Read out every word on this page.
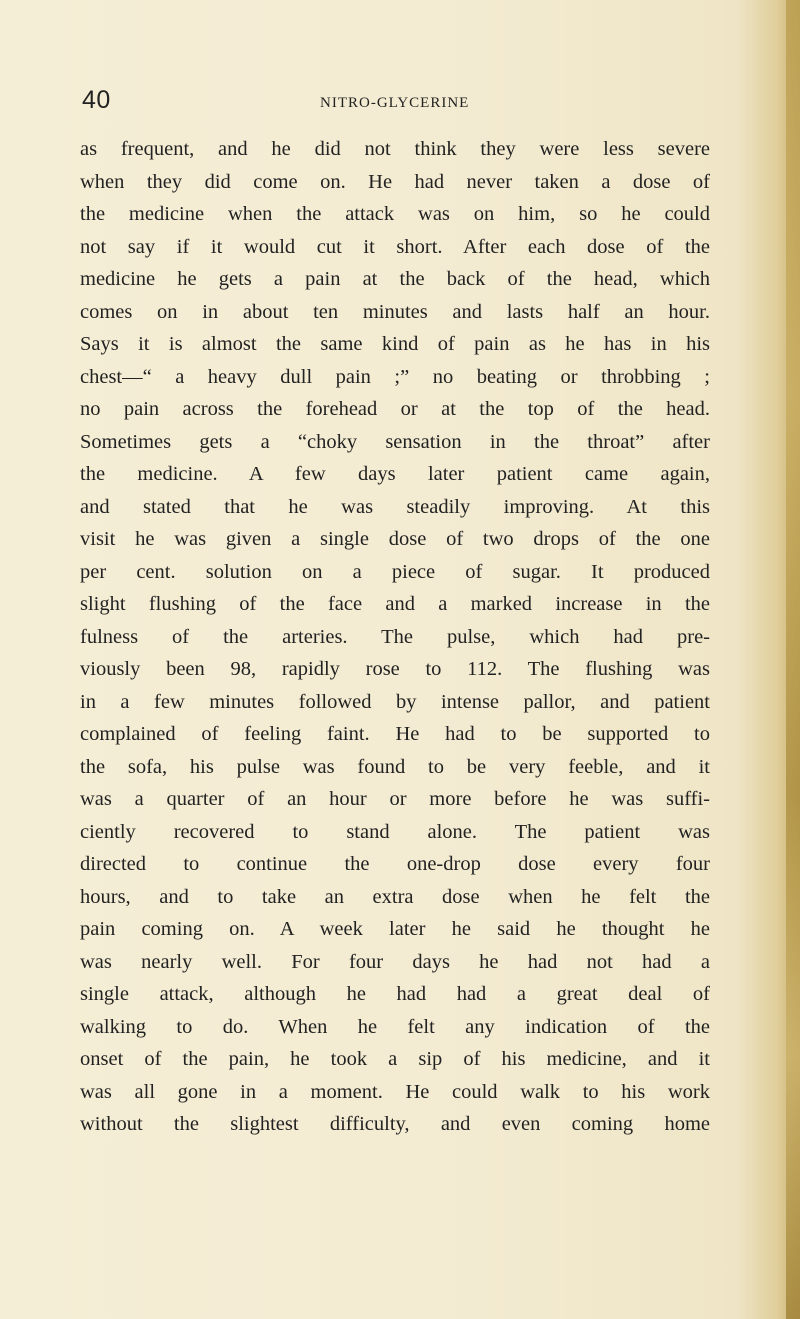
40	NITRO-GLYCERINE
as frequent, and he did not think they were less severe
when they did come on. He had never taken a dose of
the medicine when the attack was on him, so he could
not say if it would cut it short. After each dose of the
medicine he gets a pain at the back of the head, which
comes on in about ten minutes and lasts half an hour.
Says it is almost the same kind of pain as he has in his
chest—“ a heavy dull pain ;” no beating or throbbing ;
no pain across the forehead or at the top of the head.
Sometimes gets a “choky sensation in the throat” after
the medicine. A few days later patient came again,
and stated that he was steadily improving. At this
visit he was given a single dose of two drops of the one
per cent. solution on a piece of sugar. It produced
slight flushing of the face and a marked increase in the
fulness of the arteries. The pulse, which had pre-
viously been 98, rapidly rose to 112. The flushing was
in a few minutes followed by intense pallor, and patient
complained of feeling faint. He had to be supported to
the sofa, his pulse was found to be very feeble, and it
was a quarter of an hour or more before he was suffi-
ciently recovered to stand alone. The patient was
directed to continue the one-drop dose every four
hours, and to take an extra dose when he felt the
pain coming on. A week later he said he thought he
was nearly well. For four days he had not had a
single attack, although he had had a great deal of
walking to do. When he felt any indication of the
onset of the pain, he took a sip of his medicine, and it
was all gone in a moment. He could walk to his work
without the slightest difficulty, and even coming home
